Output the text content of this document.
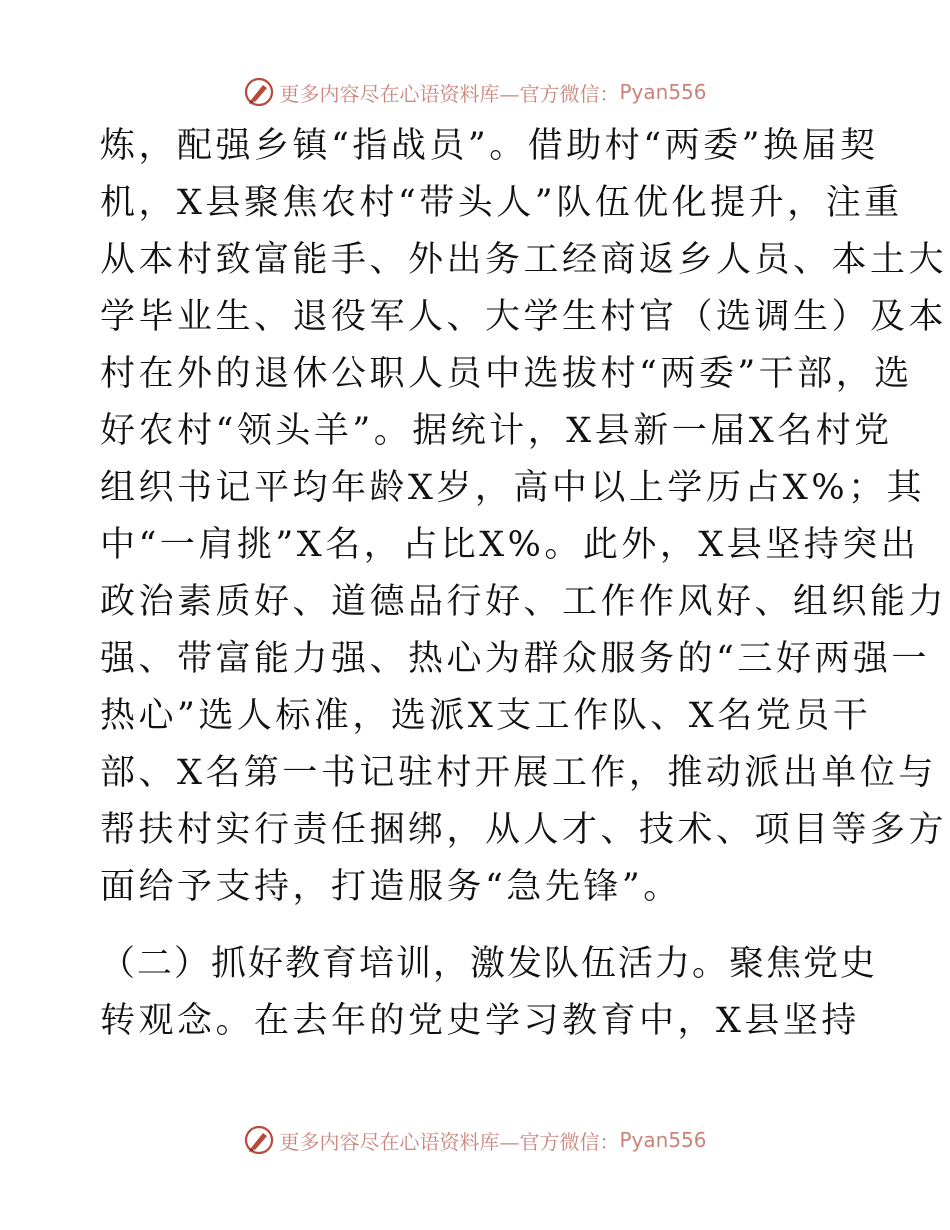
更多内容尽在心语资料库—官方微信： Pyan556
炼，配强乡镇“指战员”。借助村“两委”换届契
机，X县聚焦农村“带头人”队伍优化提升，注重
从本村致富能手、外出务工经商返乡人员、本土大
学毕业生、退役军人、大学生村官（选调生）及本
村在外的退休公职人员中选拔村“两委”干部，选
好农村“领头羊”。据统计，X县新一届X名村党
组织书记平均年龄X岁，高中以上学历占X%；其
中“一肩挑”X名，占比X%。此外，X县坚持突出
政治素质好、道德品行好、工作作风好、组织能力
强、带富能力强、热心为群众服务的“三好两强一
热心”选人标准，选派X支工作队、X名党员干
部、X名第一书记驻村开展工作，推动派出单位与
帮扶村实行责任捆绑，从人才、技术、项目等多方
面给予支持，打造服务“急先锋”。
（二）抓好教育培训，激发队伍活力。聚焦党史
转观念。在去年的党史学习教育中，X县坚持
更多内容尽在心语资料库—官方微信： Pyan556
